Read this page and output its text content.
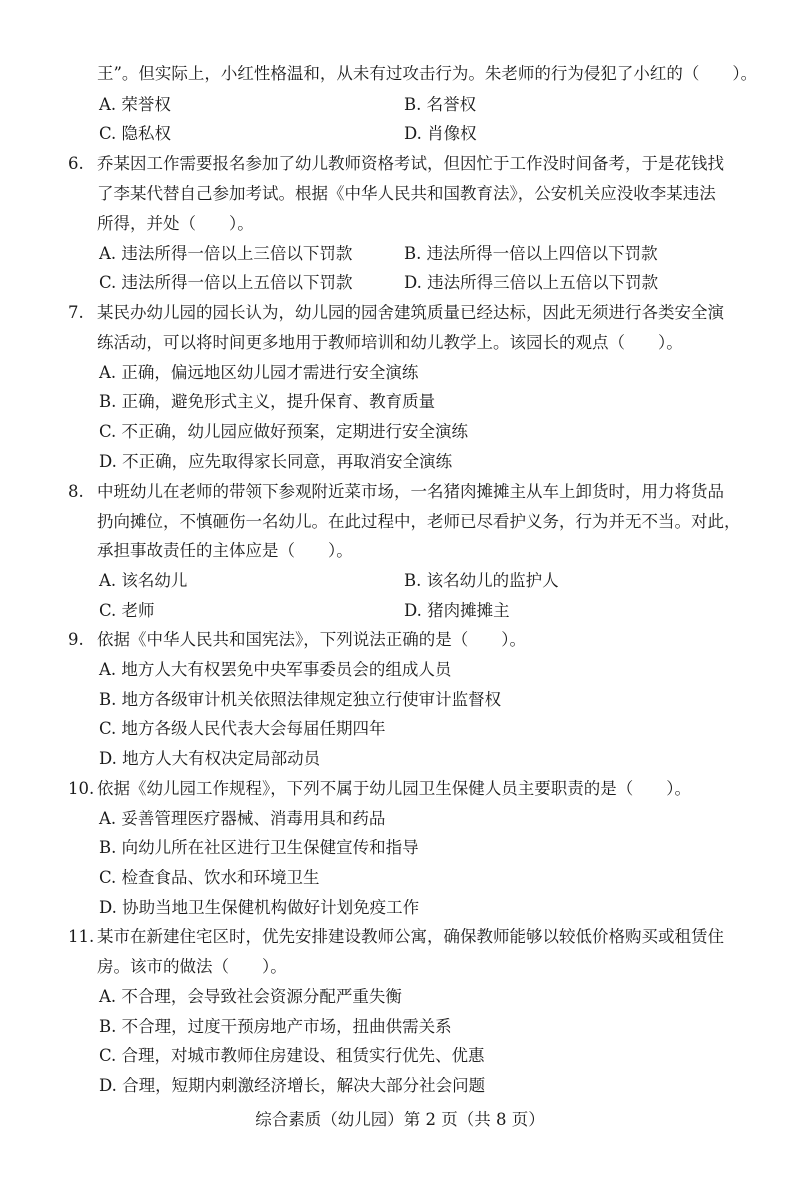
王”。但实际上，小红性格温和，从未有过攻击行为。朱老师的行为侵犯了小红的（　　）。
A. 荣誉权	B. 名誉权
C. 隐私权	D. 肖像权
6. 乔某因工作需要报名参加了幼儿教师资格考试，但因忙于工作没时间备考，于是花钱找
了李某代替自己参加考试。根据《中华人民共和国教育法》，公安机关应没收李某违法
所得，并处（　　）。
A. 违法所得一倍以上三倍以下罚款	B. 违法所得一倍以上四倍以下罚款
C. 违法所得一倍以上五倍以下罚款	D. 违法所得三倍以上五倍以下罚款
7. 某民办幼儿园的园长认为，幼儿园的园舍建筑质量已经达标，因此无须进行各类安全演
练活动，可以将时间更多地用于教师培训和幼儿教学上。该园长的观点（　　）。
A. 正确，偏远地区幼儿园才需进行安全演练
B. 正确，避免形式主义，提升保育、教育质量
C. 不正确，幼儿园应做好预案，定期进行安全演练
D. 不正确，应先取得家长同意，再取消安全演练
8. 中班幼儿在老师的带领下参观附近菜市场，一名猪肉摊摊主从车上卸货时，用力将货品
扔向摊位，不慎砸伤一名幼儿。在此过程中，老师已尽看护义务，行为并无不当。对此，
承担事故责任的主体应是（　　）。
A. 该名幼儿	B. 该名幼儿的监护人
C. 老师	D. 猪肉摊摊主
9. 依据《中华人民共和国宪法》，下列说法正确的是（　　）。
A. 地方人大有权罢免中央军事委员会的组成人员
B. 地方各级审计机关依照法律规定独立行使审计监督权
C. 地方各级人民代表大会每届任期四年
D. 地方人大有权决定局部动员
10. 依据《幼儿园工作规程》，下列不属于幼儿园卫生保健人员主要职责的是（　　）。
A. 妥善管理医疗器械、消毒用具和药品
B. 向幼儿所在社区进行卫生保健宣传和指导
C. 检查食品、饮水和环境卫生
D. 协助当地卫生保健机构做好计划免疫工作
11. 某市在新建住宅区时，优先安排建设教师公寓，确保教师能够以较低价格购买或租赁住
房。该市的做法（　　）。
A. 不合理，会导致社会资源分配严重失衡
B. 不合理，过度干预房地产市场，扭曲供需关系
C. 合理，对城市教师住房建设、租赁实行优先、优惠
D. 合理，短期内刺激经济增长，解决大部分社会问题
综合素质（幼儿园）第 2 页（共 8 页）
